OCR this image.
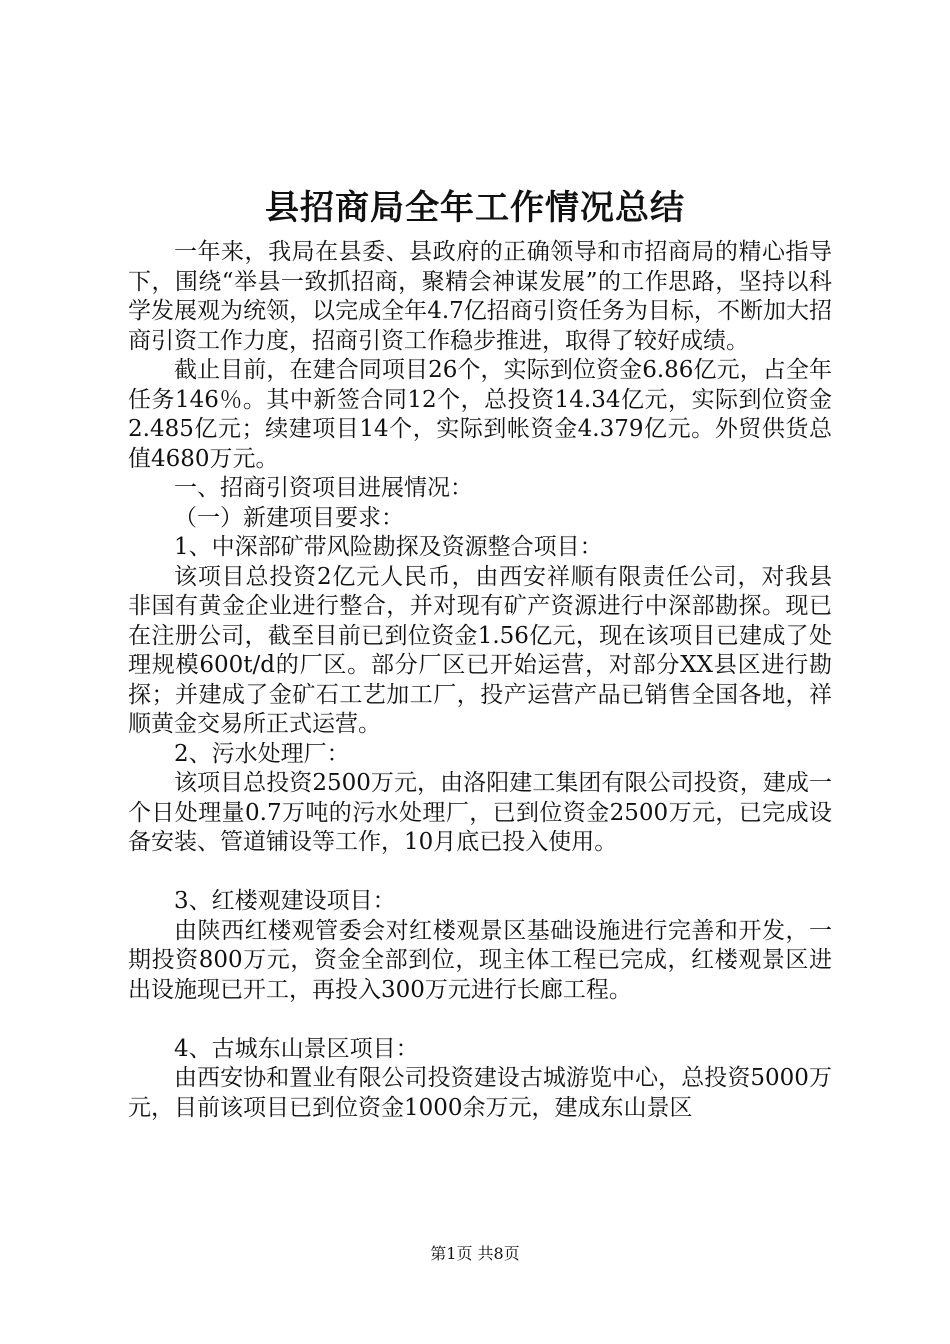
县招商局全年工作情况总结

一年来，我局在县委、县政府的正确领导和市招商局的精心指导下，围绕“举县一致抓招商，聚精会神谋发展”的工作思路，坚持以科学发展观为统领，以完成全年4.7亿招商引资任务为目标，不断加大招商引资工作力度，招商引资工作稳步推进，取得了较好成绩。

截止目前，在建合同项目26个，实际到位资金6.86亿元，占全年任务146％。其中新签合同12个，总投资14.34亿元，实际到位资金2.485亿元；续建项目14个，实际到帐资金4.379亿元。外贸供货总值4680万元。

一、招商引资项目进展情况：

（一）新建项目要求：

1、中深部矿带风险勘探及资源整合项目：

该项目总投资2亿元人民币，由西安祥顺有限责任公司，对我县非国有黄金企业进行整合，并对现有矿产资源进行中深部勘探。现已在注册公司，截至目前已到位资金1.56亿元，现在该项目已建成了处理规模600t/d的厂区。部分厂区已开始运营，对部分XX县区进行勘探；并建成了金矿石工艺加工厂，投产运营产品已销售全国各地，祥顺黄金交易所正式运营。

2、污水处理厂：

该项目总投资2500万元，由洛阳建工集团有限公司投资，建成一个日处理量0.7万吨的污水处理厂，已到位资金2500万元，已完成设备安装、管道铺设等工作，10月底已投入使用。

3、红楼观建设项目：

由陕西红楼观管委会对红楼观景区基础设施进行完善和开发，一期投资800万元，资金全部到位，现主体工程已完成，红楼观景区进出设施现已开工，再投入300万元进行长廊工程。

4、古城东山景区项目：

由西安协和置业有限公司投资建设古城游览中心，总投资5000万元，目前该项目已到位资金1000余万元，建成东山景区

第1页 共8页
